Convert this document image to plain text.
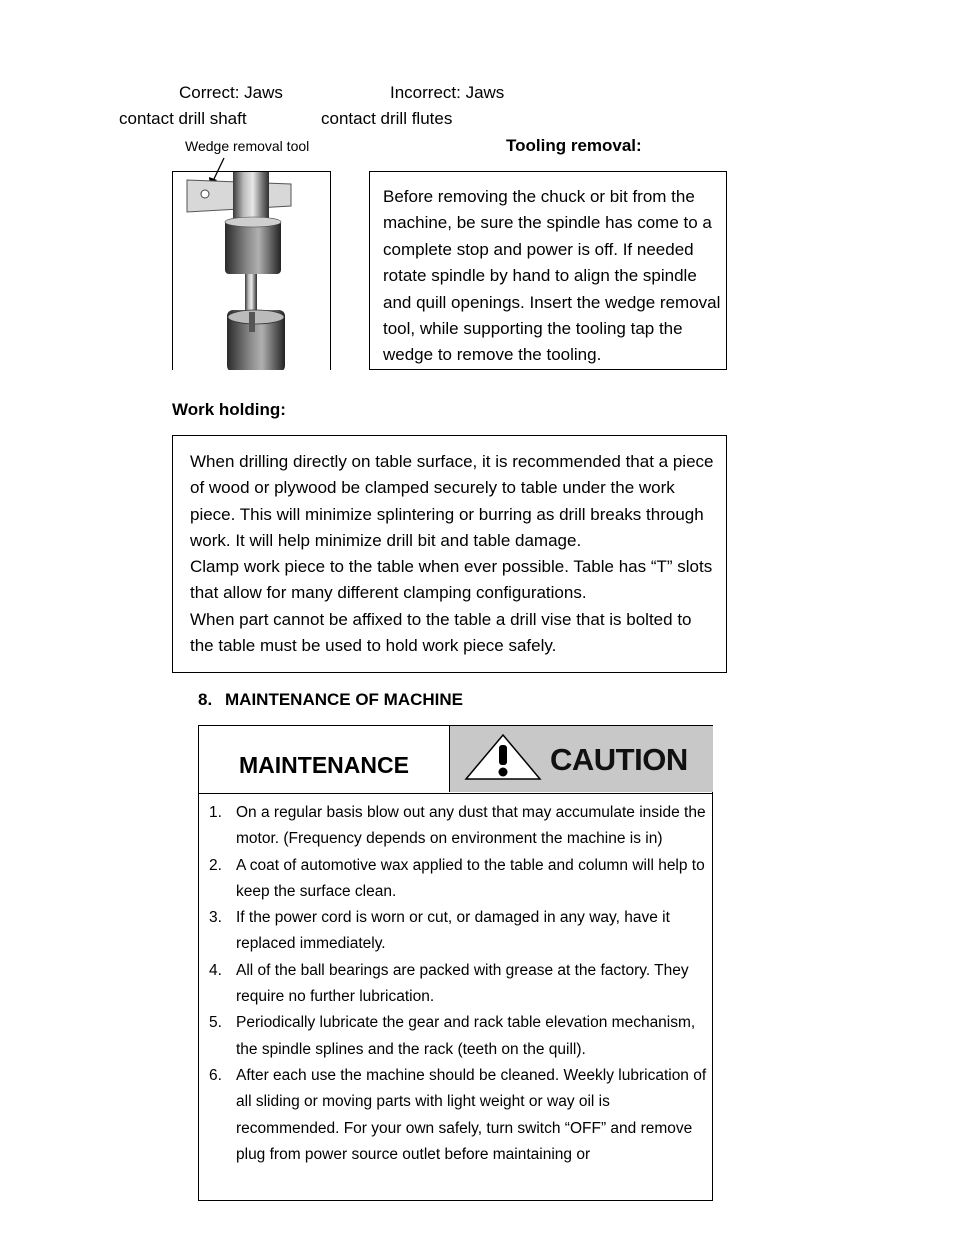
Correct: Jaws
contact drill shaft
Incorrect: Jaws
contact drill flutes
Wedge removal tool	Tooling removal:
Before removing the chuck or bit from the machine, be sure the spindle has come to a complete stop and power is off. If needed rotate spindle by hand to align the spindle and quill openings. Insert the wedge removal tool, while supporting the tooling tap the wedge to remove the tooling.
Work holding:

When drilling directly on table surface, it is recommended that a piece of wood or plywood be clamped securely to table under the work piece. This will minimize splintering or burring as drill breaks through work. It will help minimize drill bit and table damage.

Clamp work piece to the table when ever possible. Table has “T” slots that allow for many different clamping configurations.

When part cannot be affixed to the table a drill vise that is bolted to the table must be used to hold work piece safely.

8. MAINTENANCE OF MACHINE
MAINTENANCE	CAUTION
1. On a regular basis blow out any dust that may accumulate inside the motor. (Frequency depends on environment the machine is in)
2. A coat of automotive wax applied to the table and column will help to keep the surface clean.
3. If the power cord is worn or cut, or damaged in any way, have it replaced immediately.
4. All of the ball bearings are packed with grease at the factory. They require no further lubrication.
5. Periodically lubricate the gear and rack table elevation mechanism, the spindle splines and the rack (teeth on the quill).
6. After each use the machine should be cleaned. Weekly lubrication of all sliding or moving parts with light weight or way oil is recommended. For your own safely, turn switch “OFF” and remove plug from power source outlet before maintaining or
